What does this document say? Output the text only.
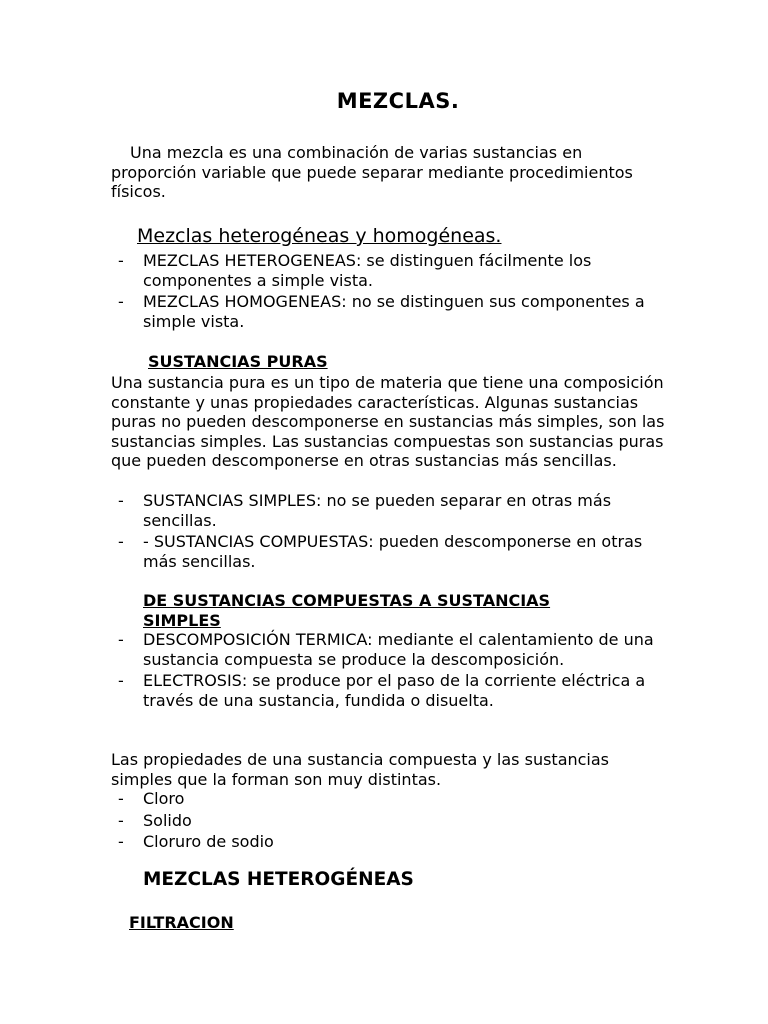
MEZCLAS.
Una mezcla es una combinación de varias sustancias en proporción variable que puede separar mediante procedimientos físicos.
Mezclas heterogéneas y homogéneas.
- MEZCLAS HETEROGENEAS: se distinguen fácilmente los componentes a simple vista.
- MEZCLAS HOMOGENEAS: no se distinguen sus componentes a simple vista.
SUSTANCIAS PURAS
Una sustancia pura es un tipo de materia que tiene una composición constante y unas propiedades características. Algunas sustancias puras no pueden descomponerse en sustancias más simples, son las sustancias simples. Las sustancias compuestas son sustancias puras que pueden descomponerse en otras sustancias más sencillas.
- SUSTANCIAS SIMPLES: no se pueden separar en otras más sencillas.
- - SUSTANCIAS COMPUESTAS: pueden descomponerse en otras más sencillas.
DE SUSTANCIAS COMPUESTAS A SUSTANCIAS SIMPLES
- DESCOMPOSICIÓN TERMICA: mediante el calentamiento de una sustancia compuesta se produce la descomposición.
- ELECTROSIS: se produce por el paso de la corriente eléctrica a través de una sustancia, fundida o disuelta.
Las propiedades de una sustancia compuesta y las sustancias simples que la forman son muy distintas.
- Cloro
- Solido
- Cloruro de sodio
MEZCLAS HETEROGÉNEAS
FILTRACION
